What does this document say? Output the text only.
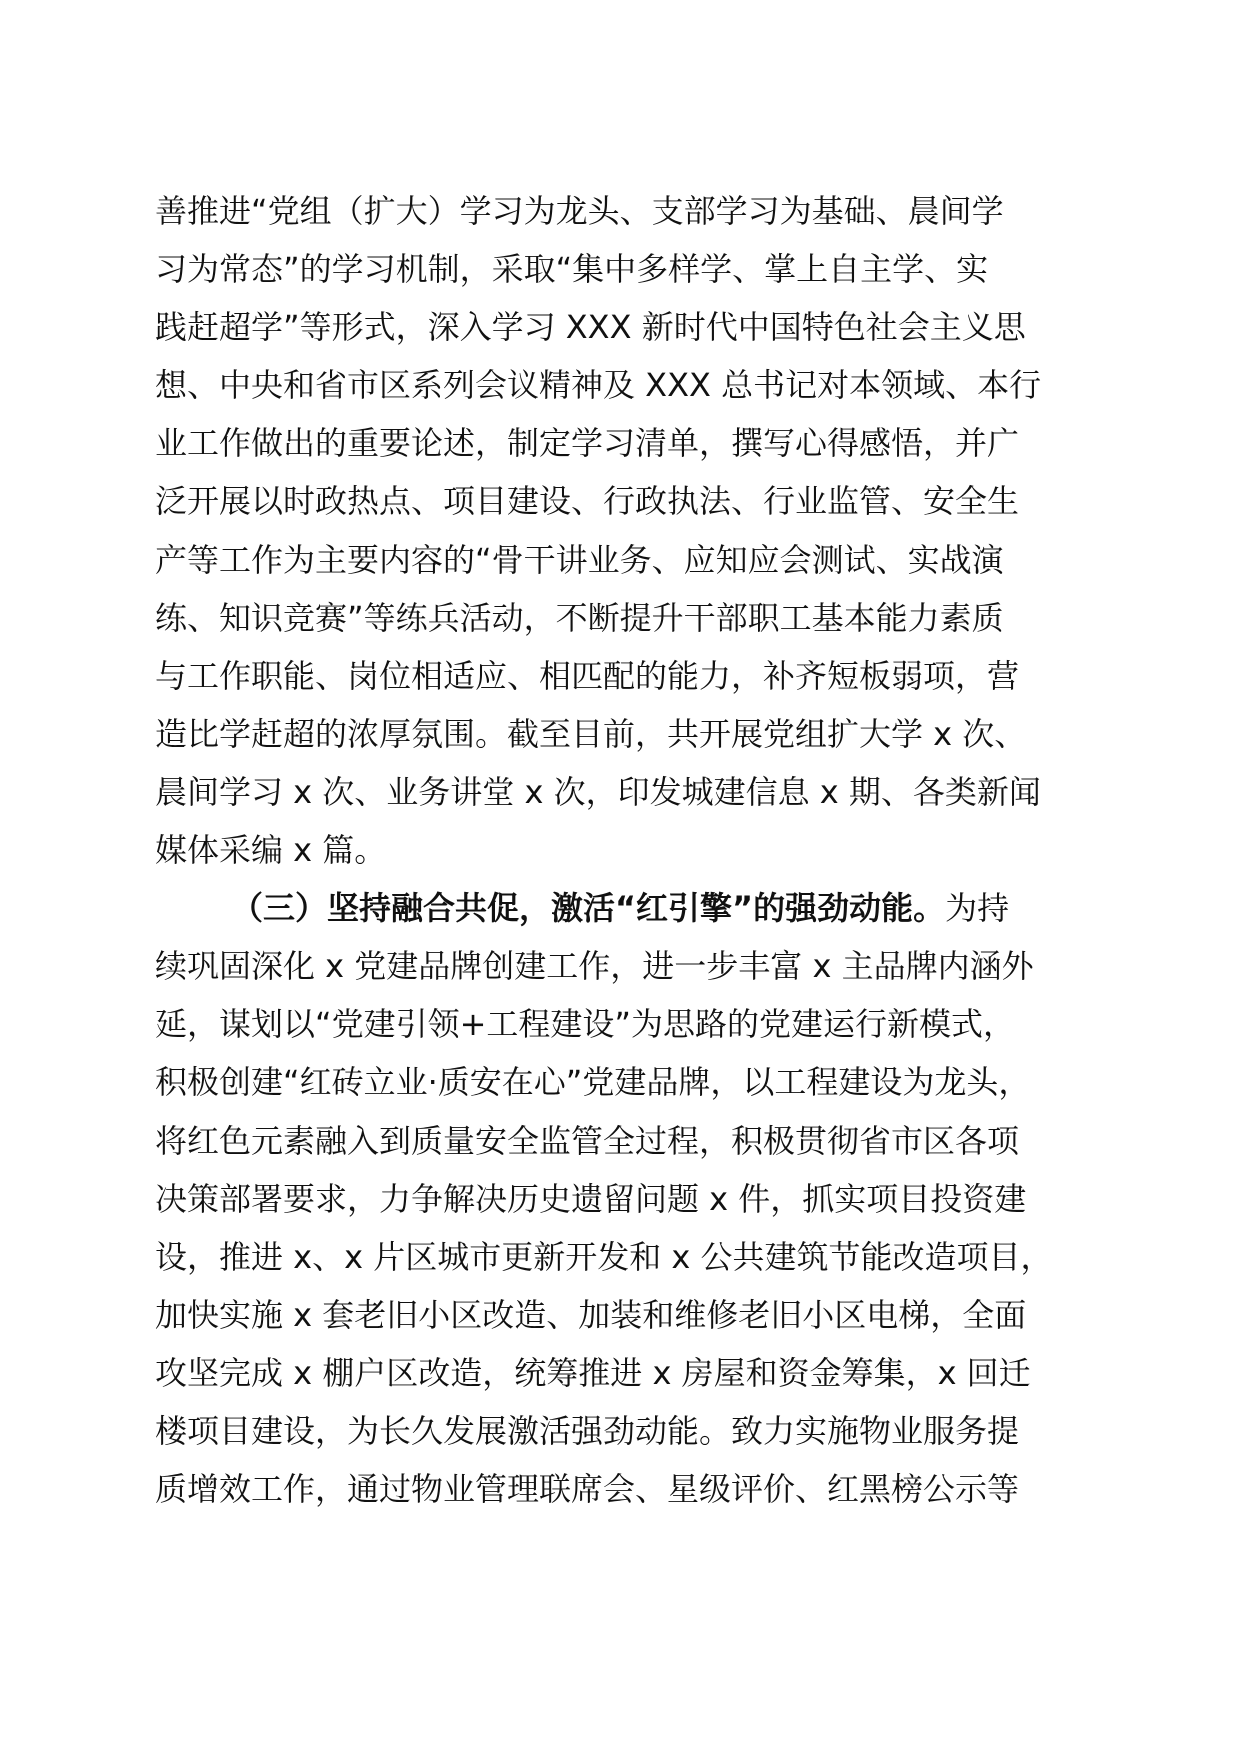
善推进“党组（扩大）学习为龙头、支部学习为基础、晨间学
习为常态”的学习机制，采取“集中多样学、掌上自主学、实
践赶超学”等形式，深入学习 XXX 新时代中国特色社会主义思
想、中央和省市区系列会议精神及 XXX 总书记对本领域、本行
业工作做出的重要论述，制定学习清单，撰写心得感悟，并广
泛开展以时政热点、项目建设、行政执法、行业监管、安全生
产等工作为主要内容的“骨干讲业务、应知应会测试、实战演
练、知识竞赛”等练兵活动，不断提升干部职工基本能力素质
与工作职能、岗位相适应、相匹配的能力，补齐短板弱项，营
造比学赶超的浓厚氛围。截至目前，共开展党组扩大学 x 次、
晨间学习 x 次、业务讲堂 x 次，印发城建信息 x 期、各类新闻
媒体采编 x 篇。
（三）坚持融合共促，激活“红引擎”的强劲动能。为持
续巩固深化 x 党建品牌创建工作，进一步丰富 x 主品牌内涵外
延，谋划以“党建引领+工程建设”为思路的党建运行新模式，
积极创建“红砖立业·质安在心”党建品牌，以工程建设为龙头，
将红色元素融入到质量安全监管全过程，积极贯彻省市区各项
决策部署要求，力争解决历史遗留问题 x 件，抓实项目投资建
设，推进 x、x 片区城市更新开发和 x 公共建筑节能改造项目，
加快实施 x 套老旧小区改造、加装和维修老旧小区电梯，全面
攻坚完成 x 棚户区改造，统筹推进 x 房屋和资金筹集，x 回迁
楼项目建设，为长久发展激活强劲动能。致力实施物业服务提
质增效工作，通过物业管理联席会、星级评价、红黑榜公示等
